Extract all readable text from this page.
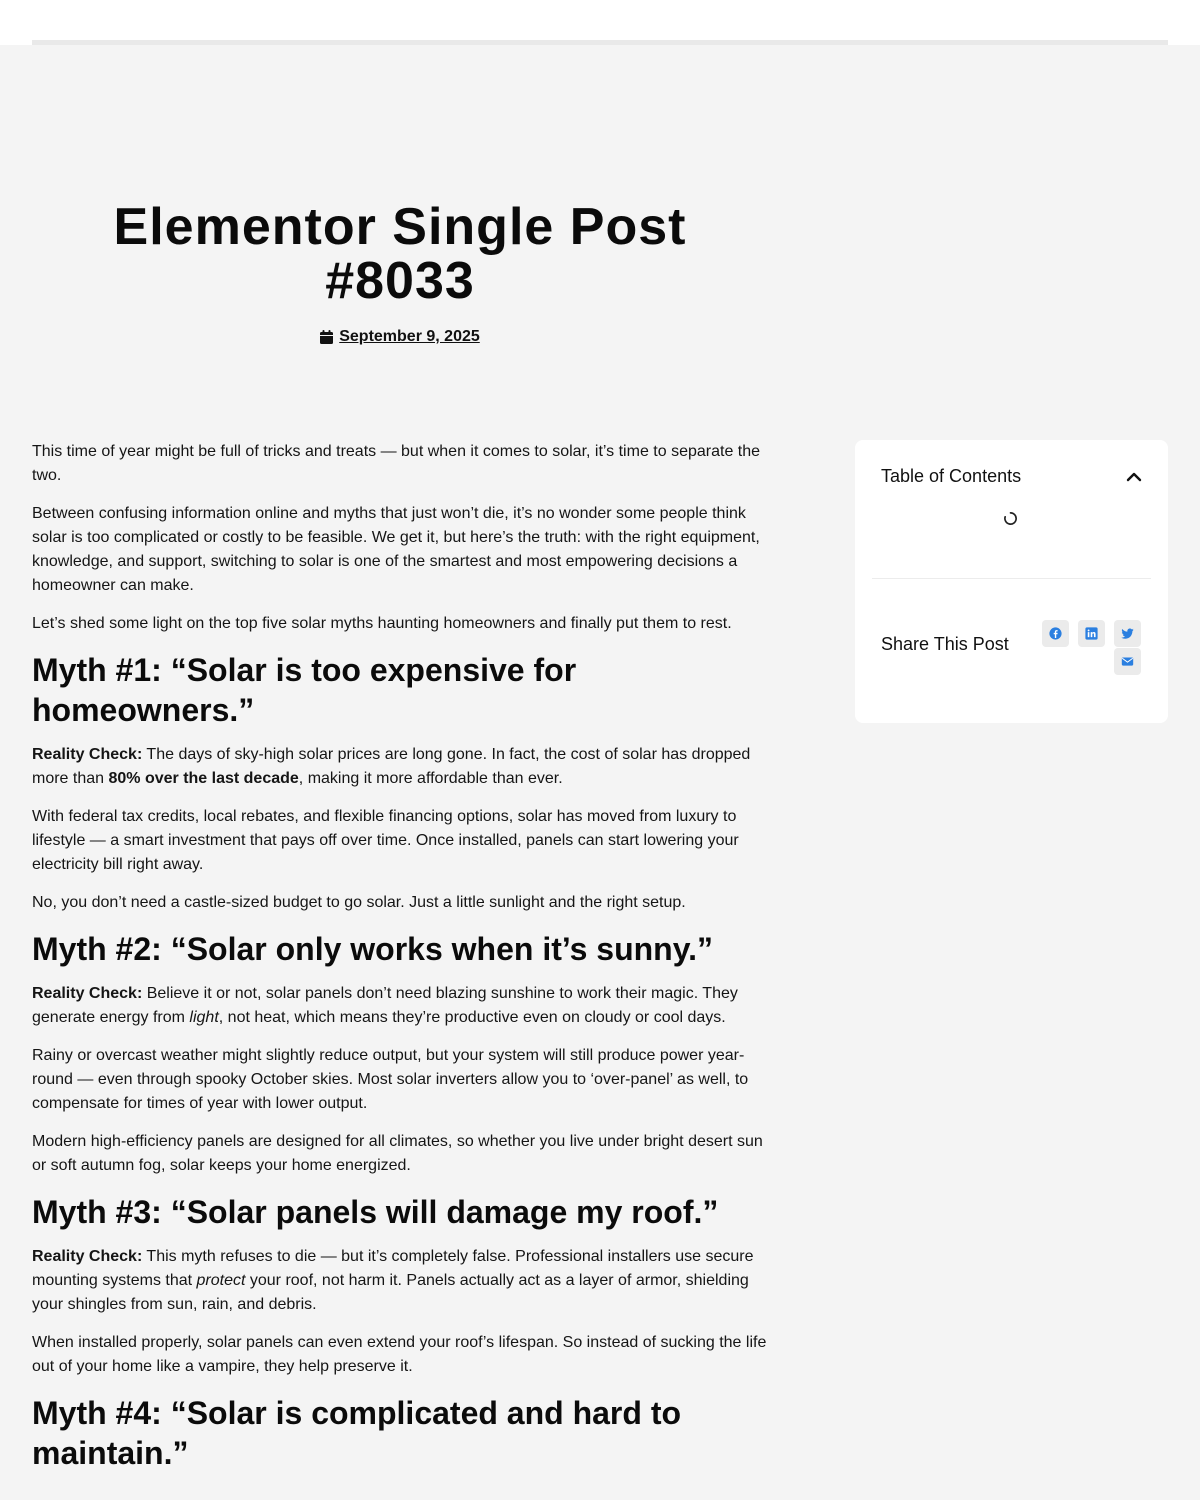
Elementor Single Post #8033
September 9, 2025

This time of year might be full of tricks and treats — but when it comes to solar, it’s time to separate the two.

Between confusing information online and myths that just won’t die, it’s no wonder some people think solar is too complicated or costly to be feasible. We get it, but here’s the truth: with the right equipment, knowledge, and support, switching to solar is one of the smartest and most empowering decisions a homeowner can make.

Let’s shed some light on the top five solar myths haunting homeowners and finally put them to rest.

Myth #1: “Solar is too expensive for homeowners.”

Reality Check: The days of sky-high solar prices are long gone. In fact, the cost of solar has dropped more than 80% over the last decade, making it more affordable than ever.

With federal tax credits, local rebates, and flexible financing options, solar has moved from luxury to lifestyle — a smart investment that pays off over time. Once installed, panels can start lowering your electricity bill right away.

No, you don’t need a castle-sized budget to go solar. Just a little sunlight and the right setup.

Myth #2: “Solar only works when it’s sunny.”

Reality Check: Believe it or not, solar panels don’t need blazing sunshine to work their magic. They generate energy from light, not heat, which means they’re productive even on cloudy or cool days.

Rainy or overcast weather might slightly reduce output, but your system will still produce power year-round — even through spooky October skies. Most solar inverters allow you to ‘over-panel’ as well, to compensate for times of year with lower output.

Modern high-efficiency panels are designed for all climates, so whether you live under bright desert sun or soft autumn fog, solar keeps your home energized.

Myth #3: “Solar panels will damage my roof.”

Reality Check: This myth refuses to die — but it’s completely false. Professional installers use secure mounting systems that protect your roof, not harm it. Panels actually act as a layer of armor, shielding your shingles from sun, rain, and debris.

When installed properly, solar panels can even extend your roof’s lifespan. So instead of sucking the life out of your home like a vampire, they help preserve it.

Myth #4: “Solar is complicated and hard to maintain.”
Table of Contents
Share This Post
